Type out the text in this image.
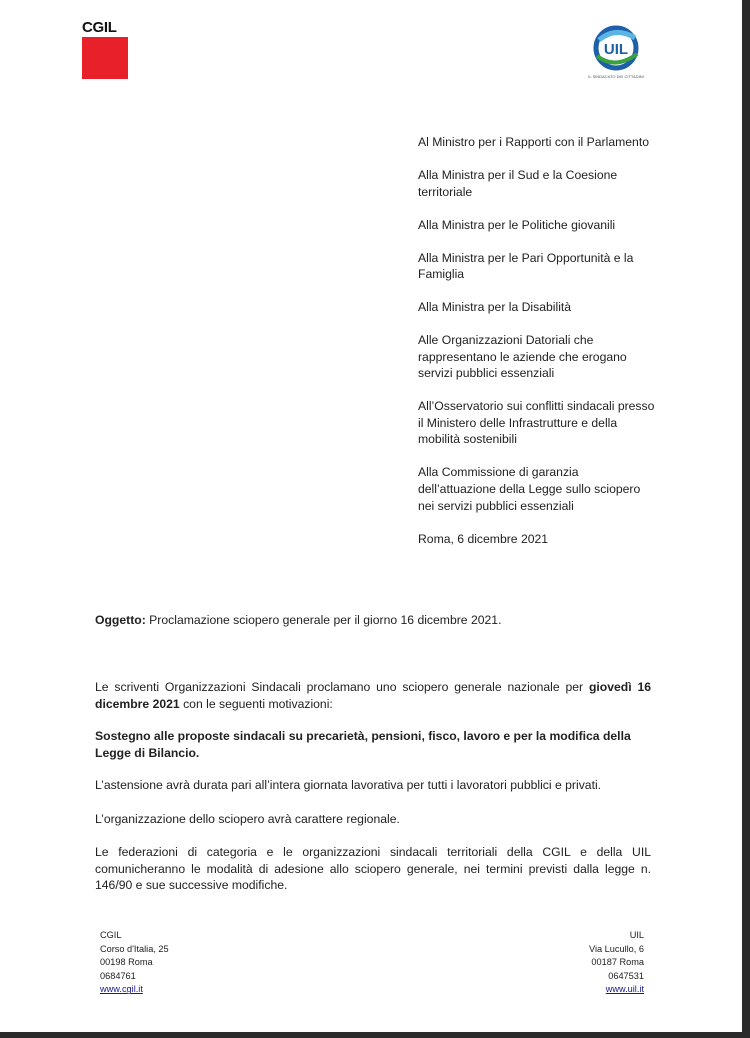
CGIL
UIL
IL SINDACATO DEI CITTADINI
Al Ministro per i Rapporti con il Parlamento
Alla Ministra per il Sud e la Coesione territoriale
Alla Ministra per le Politiche giovanili
Alla Ministra per le Pari Opportunità e la Famiglia
Alla Ministra per la Disabilità
Alle Organizzazioni Datoriali che rappresentano le aziende che erogano servizi pubblici essenziali
All’Osservatorio sui conflitti sindacali presso il Ministero delle Infrastrutture e della mobilità sostenibili
Alla Commissione di garanzia dell’attuazione della Legge sullo sciopero nei servizi pubblici essenziali
Roma, 6 dicembre 2021
Oggetto: Proclamazione sciopero generale per il giorno 16 dicembre 2021.
Le scriventi Organizzazioni Sindacali proclamano uno sciopero generale nazionale per giovedì 16 dicembre 2021 con le seguenti motivazioni:
Sostegno alle proposte sindacali su precarietà, pensioni, fisco, lavoro e per la modifica della Legge di Bilancio.
L’astensione avrà durata pari all’intera giornata lavorativa per tutti i lavoratori pubblici e privati.
L’organizzazione dello sciopero avrà carattere regionale.
Le federazioni di categoria e le organizzazioni sindacali territoriali della CGIL e della UIL comunicheranno le modalità di adesione allo sciopero generale, nei termini previsti dalla legge n. 146/90 e sue successive modifiche.
CGIL
Corso d'Italia, 25
00198 Roma
0684761
www.cgil.it
UIL
Via Lucullo, 6
00187 Roma
0647531
www.uil.it
